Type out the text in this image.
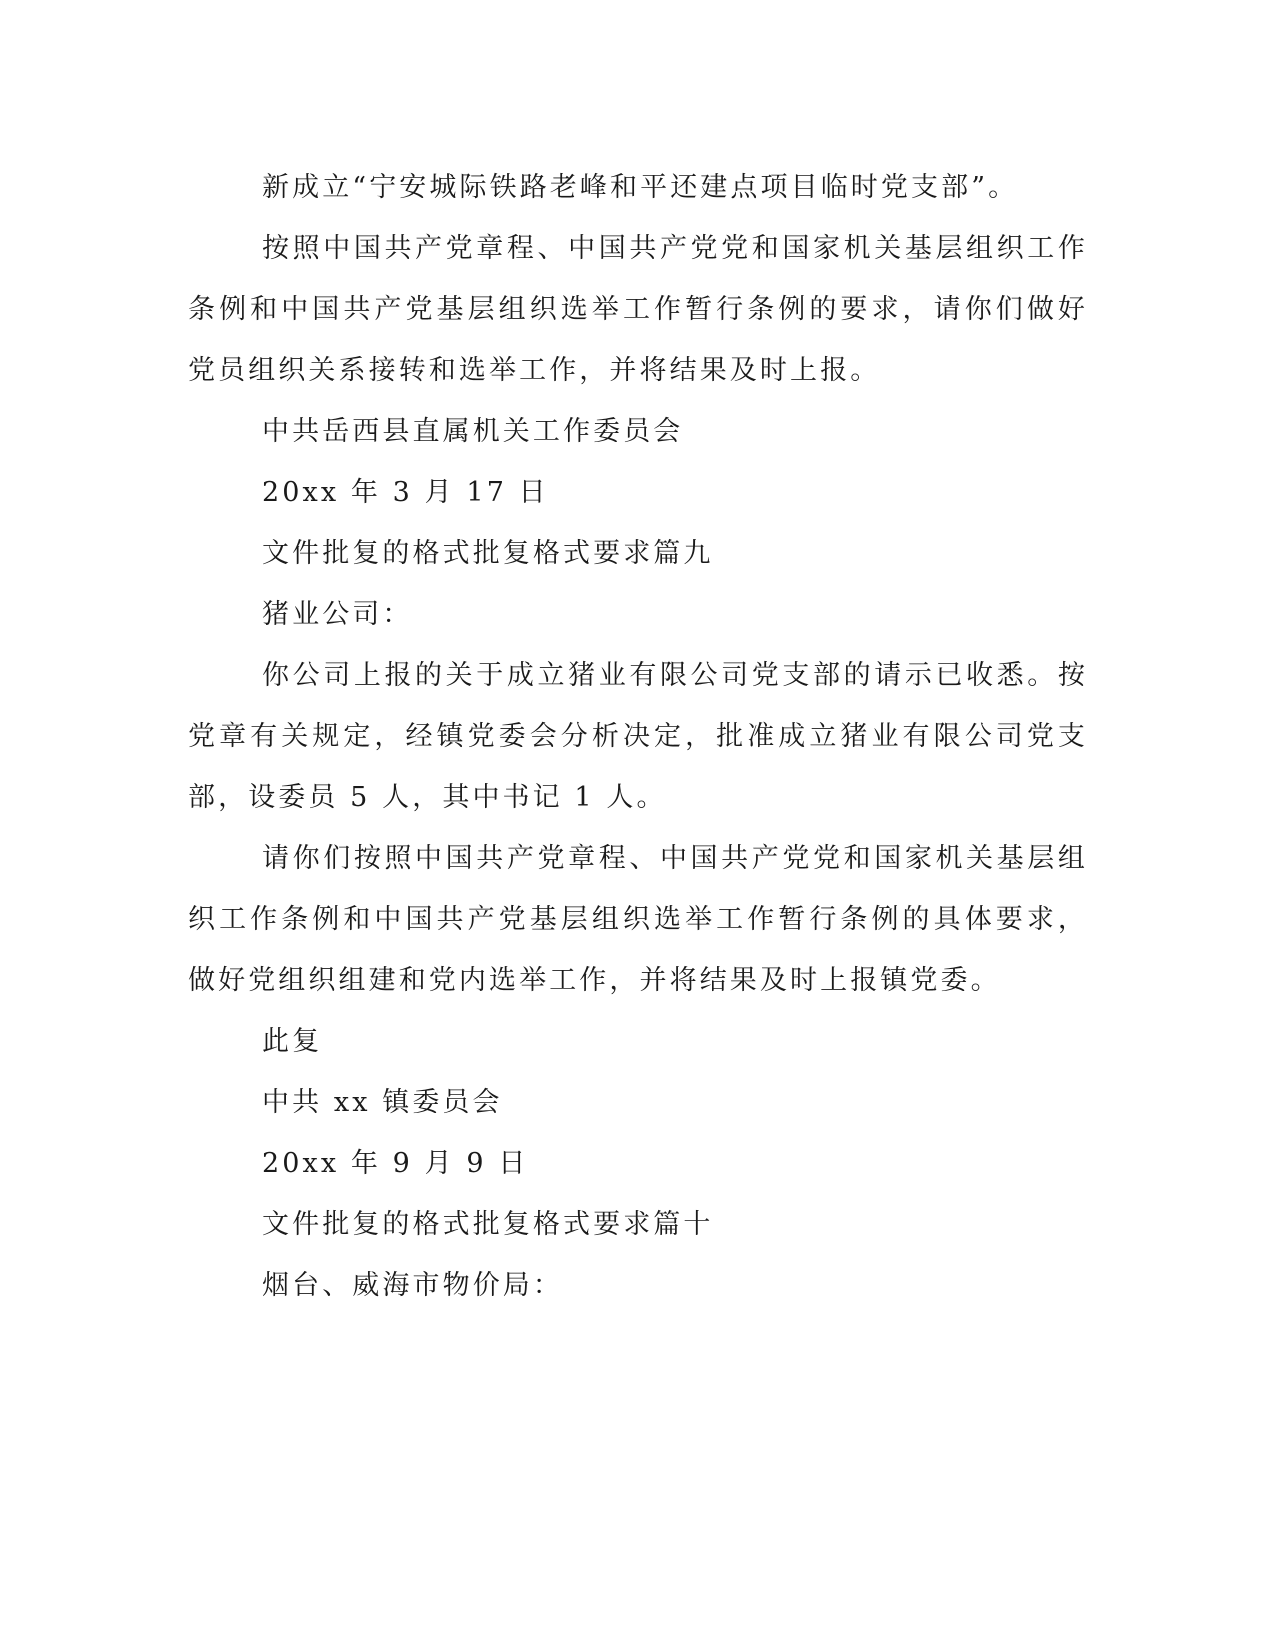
新成立“宁安城际铁路老峰和平还建点项目临时党支部”。

按照中国共产党章程、中国共产党党和国家机关基层组织工作条例和中国共产党基层组织选举工作暂行条例的要求，请你们做好党员组织关系接转和选举工作，并将结果及时上报。

中共岳西县直属机关工作委员会

20xx 年 3 月 17 日

文件批复的格式批复格式要求篇九

猪业公司：

你公司上报的关于成立猪业有限公司党支部的请示已收悉。按党章有关规定，经镇党委会分析决定，批准成立猪业有限公司党支部，设委员 5 人，其中书记 1 人。

请你们按照中国共产党章程、中国共产党党和国家机关基层组织工作条例和中国共产党基层组织选举工作暂行条例的具体要求，做好党组织组建和党内选举工作，并将结果及时上报镇党委。

此复

中共 xx 镇委员会

20xx 年 9 月 9 日

文件批复的格式批复格式要求篇十

烟台、威海市物价局：
